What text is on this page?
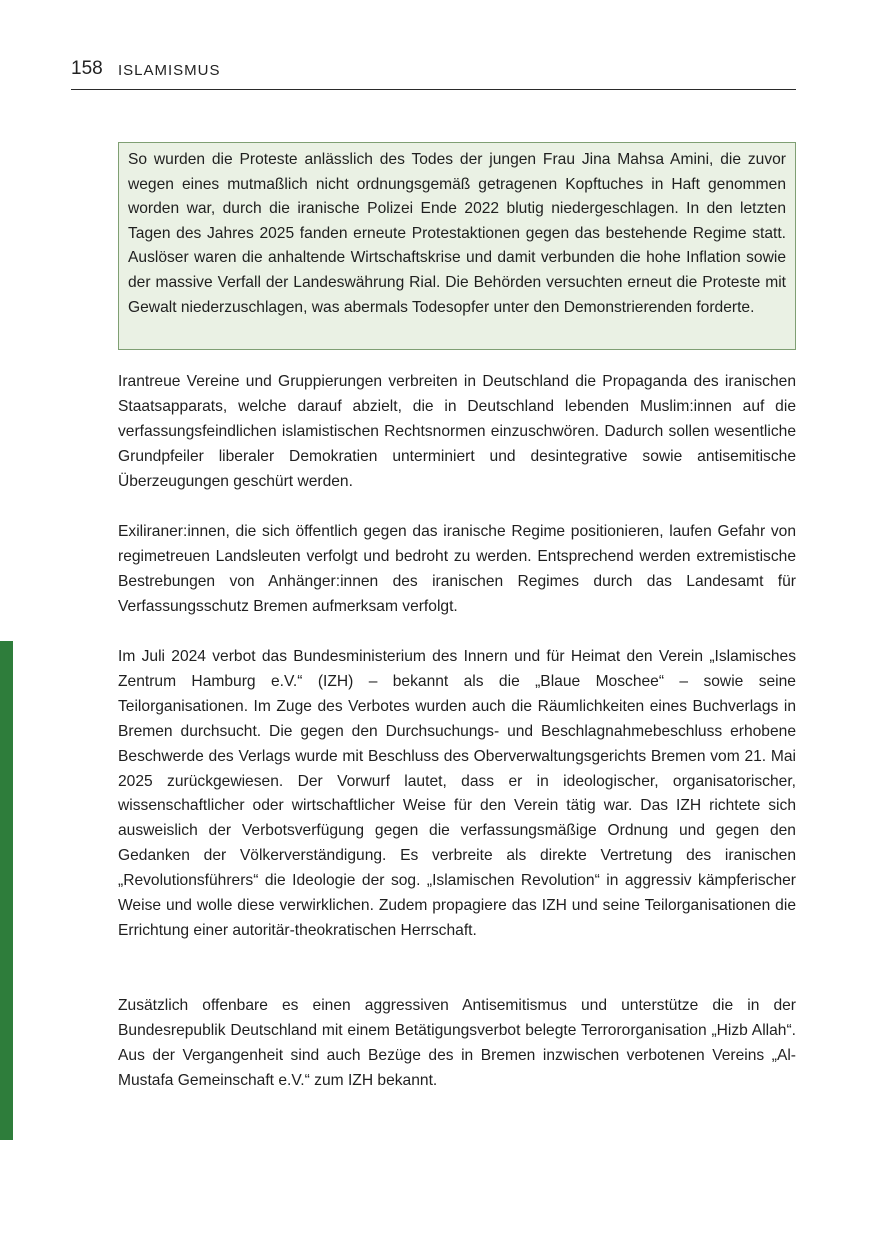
158 ISLAMISMUS

So wurden die Proteste anlässlich des Todes der jungen Frau Jina Mahsa Amini, die zuvor wegen eines mutmaßlich nicht ordnungsgemäß getragenen Kopftuches in Haft genommen worden war, durch die iranische Polizei Ende 2022 blutig niedergeschlagen. In den letzten Tagen des Jahres 2025 fanden erneute Protestaktionen gegen das bestehende Regime statt. Auslöser waren die anhaltende Wirtschaftskrise und damit verbunden die hohe Inflation sowie der massive Verfall der Landeswährung Rial. Die Behörden versuchten erneut die Proteste mit Gewalt niederzuschlagen, was abermals Todesopfer unter den Demonstrierenden forderte.

Irantreue Vereine und Gruppierungen verbreiten in Deutschland die Propaganda des iranischen Staatsapparats, welche darauf abzielt, die in Deutschland lebenden Muslim:innen auf die verfassungsfeindlichen islamistischen Rechtsnormen einzuschwören. Dadurch sollen wesentliche Grundpfeiler liberaler Demokratien unterminiert und desintegrative sowie antisemitische Überzeugungen geschürt werden.

Exiliraner:innen, die sich öffentlich gegen das iranische Regime positionieren, laufen Gefahr von regimetreuen Landsleuten verfolgt und bedroht zu werden. Entsprechend werden extremistische Bestrebungen von Anhänger:innen des iranischen Regimes durch das Landesamt für Verfassungsschutz Bremen aufmerksam verfolgt.

Im Juli 2024 verbot das Bundesministerium des Innern und für Heimat den Verein „Islamisches Zentrum Hamburg e.V.“ (IZH) – bekannt als die „Blaue Moschee“ – sowie seine Teilorganisationen. Im Zuge des Verbotes wurden auch die Räumlichkeiten eines Buchverlags in Bremen durchsucht. Die gegen den Durchsuchungs- und Beschlagnahmebeschluss erhobene Beschwerde des Verlags wurde mit Beschluss des Oberverwaltungsgerichts Bremen vom 21. Mai 2025 zurückgewiesen. Der Vorwurf lautet, dass er in ideologischer, organisatorischer, wissenschaftlicher oder wirtschaftlicher Weise für den Verein tätig war. Das IZH richtete sich ausweislich der Verbotsverfügung gegen die verfassungsmäßige Ordnung und gegen den Gedanken der Völkerverständigung. Es verbreite als direkte Vertretung des iranischen „Revolutionsführers“ die Ideologie der sog. „Islamischen Revolution“ in aggressiv kämpferischer Weise und wolle diese verwirklichen. Zudem propagiere das IZH und seine Teilorganisationen die Errichtung einer autoritär-theokratischen Herrschaft.

Zusätzlich offenbare es einen aggressiven Antisemitismus und unterstütze die in der Bundesrepublik Deutschland mit einem Betätigungsverbot belegte Terrororganisation „Hizb Allah“. Aus der Vergangenheit sind auch Bezüge des in Bremen inzwischen verbotenen Vereins „Al-Mustafa Gemeinschaft e.V.“ zum IZH bekannt.
